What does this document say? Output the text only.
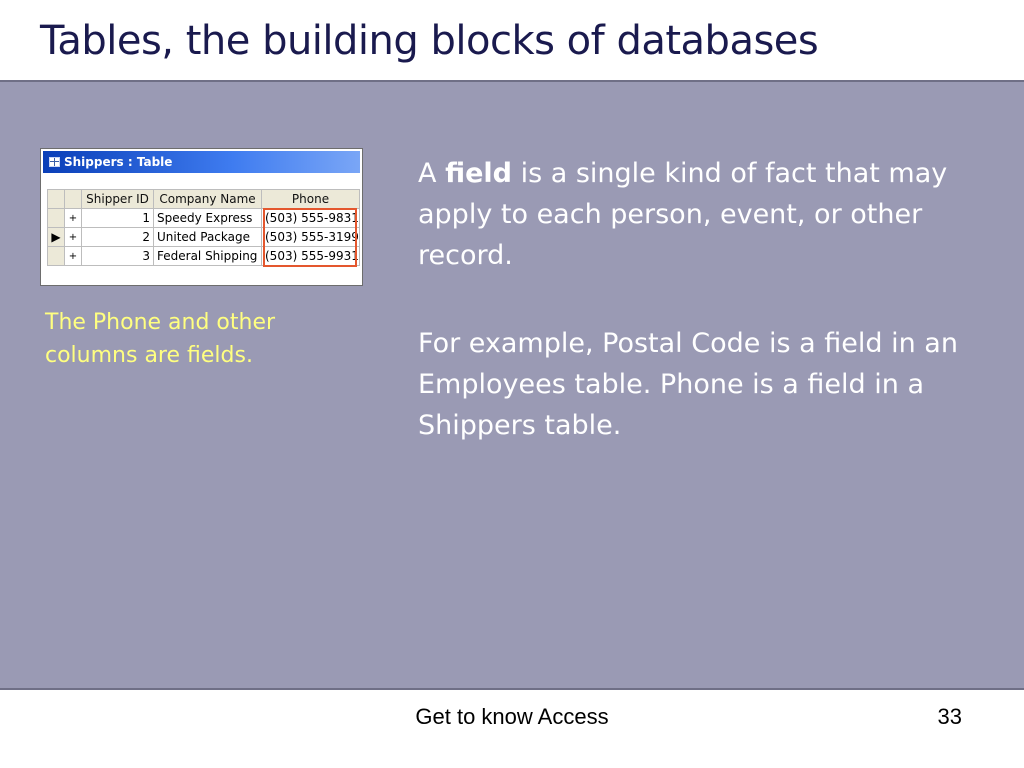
Tables, the building blocks of databases
Shippers : Table
		Shipper ID	Company Name	Phone
	+	1	Speedy Express	(503) 555-9831
▶	+	2	United Package	(503) 555-3199
	+	3	Federal Shipping	(503) 555-9931
The Phone and other columns are fields.
A field is a single kind of fact that may apply to each person, event, or other record.
For example, Postal Code is a field in an Employees table. Phone is a field in a Shippers table.
Get to know Access	33
